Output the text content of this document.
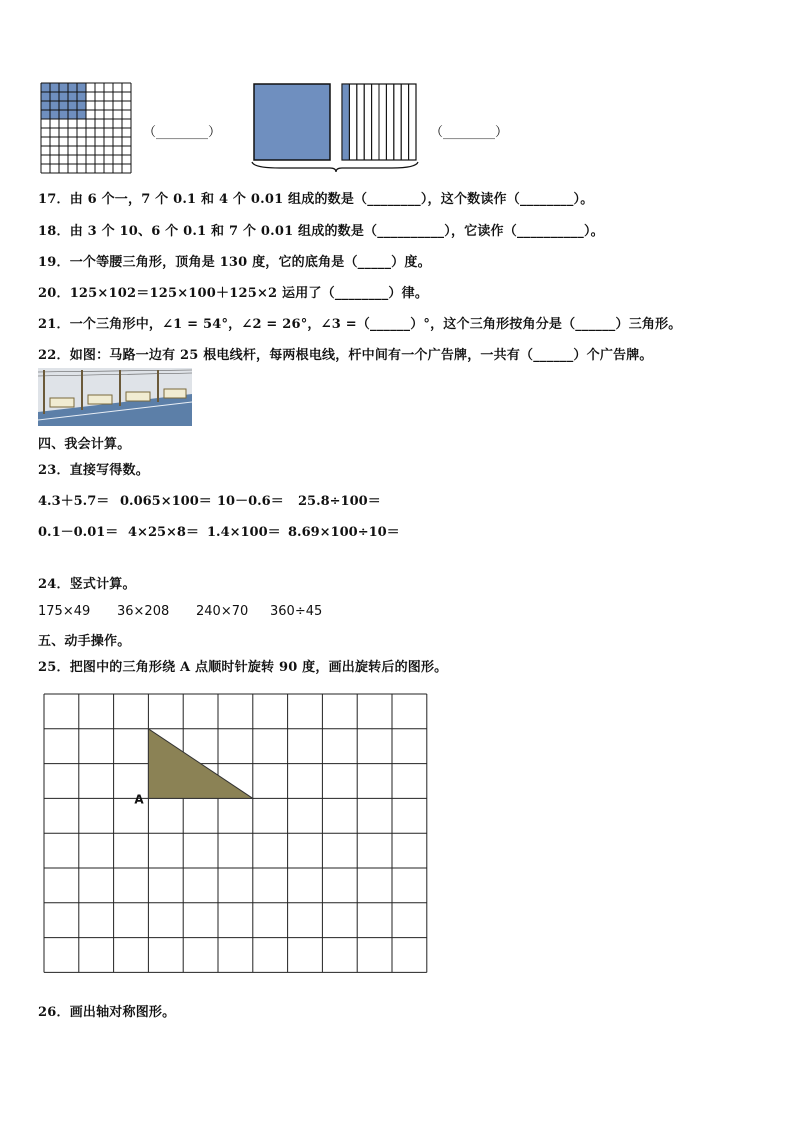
（________）	（________）
17．由 6 个一，7 个 0.1 和 4 个 0.01 组成的数是（________），这个数读作（________）。
18．由 3 个 10、6 个 0.1 和 7 个 0.01 组成的数是（__________），它读作（__________）。
19．一个等腰三角形，顶角是 130 度，它的底角是（_____）度。
20．125×102＝125×100＋125×2 运用了（________）律。
21．一个三角形中，∠1 = 54°，∠2 = 26°，∠3 =（______）°，这个三角形按角分是（______）三角形。
22．如图：马路一边有 25 根电线杆，每两根电线，杆中间有一个广告牌，一共有（______）个广告牌。
四、我会计算。
23．直接写得数。
4.3＋5.7＝ 0.065×100＝ 10－0.6＝ 25.8÷100＝
0.1－0.01＝ 4×25×8＝ 1.4×100＝ 8.69×100÷10＝
24．竖式计算。
175×49 36×208 240×70 360÷45
五、动手操作。
25．把图中的三角形绕 A 点顺时针旋转 90 度，画出旋转后的图形。
A
26．画出轴对称图形。
